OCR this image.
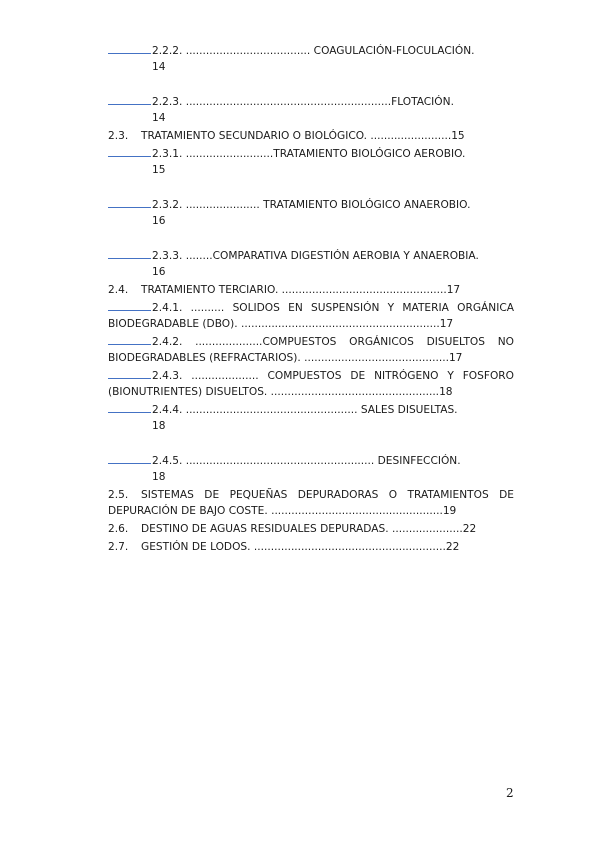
2.2.2. ..................................... COAGULACIÓN-FLOCULACIÓN.
14
2.2.3. .............................................................FLOTACIÓN.
14
2.3. TRATAMIENTO SECUNDARIO O BIOLÓGICO. ........................15
2.3.1. ..........................TRATAMIENTO BIOLÓGICO AEROBIO.
15
2.3.2. ...................... TRATAMIENTO BIOLÓGICO ANAEROBIO.
16
2.3.3. ........COMPARATIVA DIGESTIÓN AEROBIA Y ANAEROBIA.
16
2.4. TRATAMIENTO TERCIARIO. .................................................17
2.4.1. .......... SOLIDOS EN SUSPENSIÓN Y MATERIA ORGÁNICA BIODEGRADABLE (DBO). ...........................................................17
2.4.2. ....................COMPUESTOS ORGÁNICOS DISUELTOS NO BIODEGRADABLES (REFRACTARIOS). ...........................................17
2.4.3. .................... COMPUESTOS DE NITRÓGENO Y FOSFORO (BIONUTRIENTES) DISUELTOS. ..................................................18
2.4.4. ................................................... SALES DISUELTAS.
18
2.4.5. ........................................................ DESINFECCIÓN.
18
2.5. SISTEMAS DE PEQUEÑAS DEPURADORAS O TRATAMIENTOS DE DEPURACIÓN DE BAJO COSTE. ...................................................19
2.6. DESTINO DE AGUAS RESIDUALES DEPURADAS. .....................22
2.7. GESTIÓN DE LODOS. .........................................................22
2
